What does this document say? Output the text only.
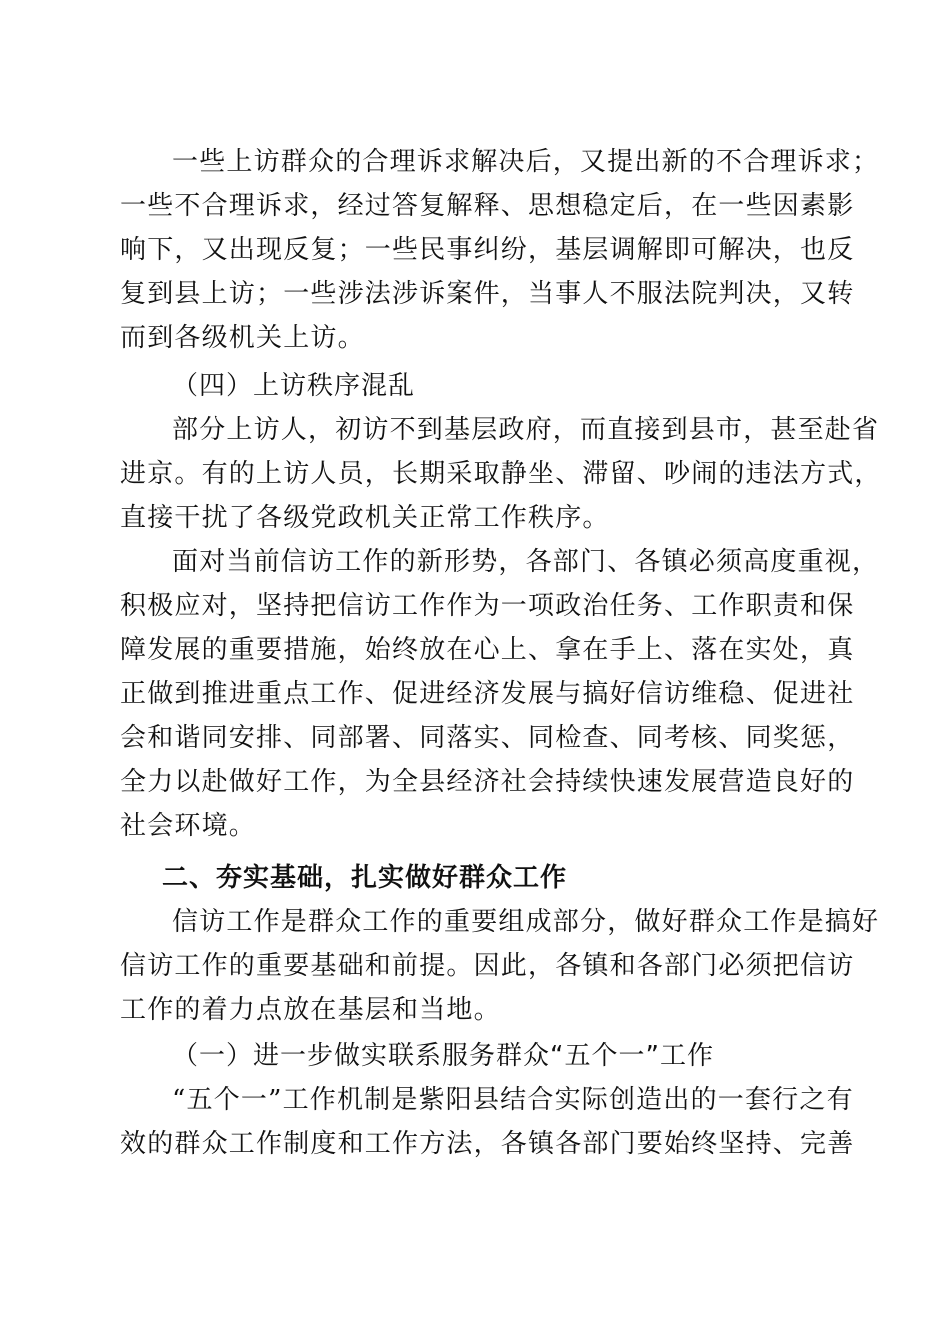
一些上访群众的合理诉求解决后，又提出新的不合理诉求；
一些不合理诉求，经过答复解释、思想稳定后，在一些因素影
响下，又出现反复；一些民事纠纷，基层调解即可解决，也反
复到县上访；一些涉法涉诉案件，当事人不服法院判决，又转
而到各级机关上访。
（四）上访秩序混乱
部分上访人，初访不到基层政府，而直接到县市，甚至赴省
进京。有的上访人员，长期采取静坐、滞留、吵闹的违法方式，
直接干扰了各级党政机关正常工作秩序。
面对当前信访工作的新形势，各部门、各镇必须高度重视，
积极应对，坚持把信访工作作为一项政治任务、工作职责和保
障发展的重要措施，始终放在心上、拿在手上、落在实处，真
正做到推进重点工作、促进经济发展与搞好信访维稳、促进社
会和谐同安排、同部署、同落实、同检查、同考核、同奖惩，
全力以赴做好工作，为全县经济社会持续快速发展营造良好的
社会环境。
二、夯实基础，扎实做好群众工作
信访工作是群众工作的重要组成部分，做好群众工作是搞好
信访工作的重要基础和前提。因此，各镇和各部门必须把信访
工作的着力点放在基层和当地。
（一）进一步做实联系服务群众“五个一”工作
“五个一”工作机制是紫阳县结合实际创造出的一套行之有
效的群众工作制度和工作方法，各镇各部门要始终坚持、完善
